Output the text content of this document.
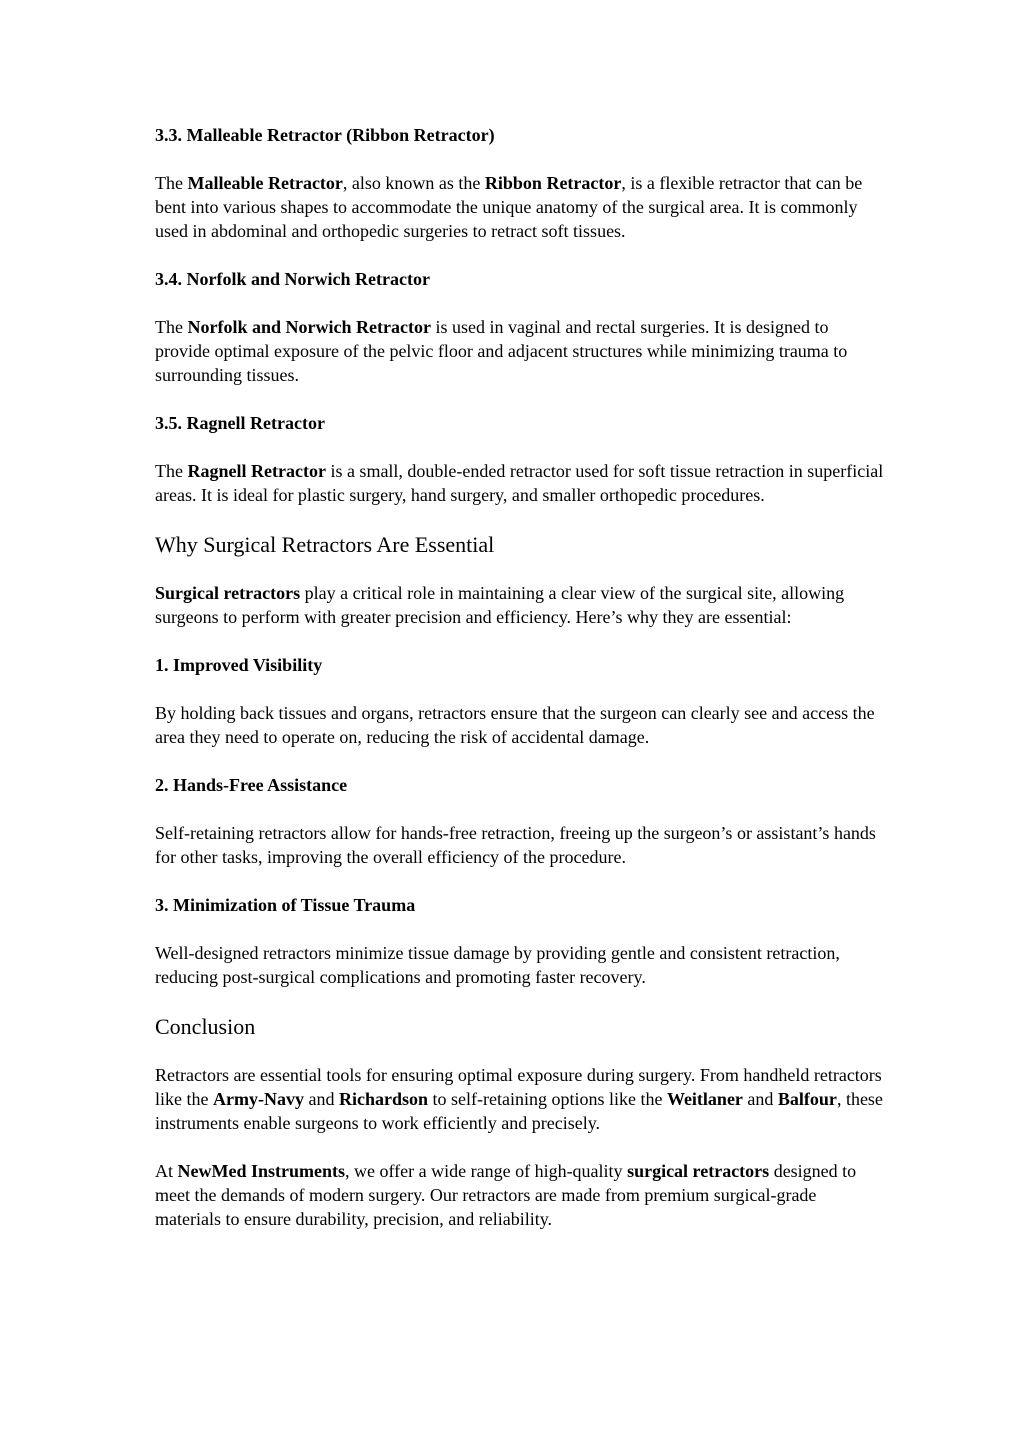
3.3. Malleable Retractor (Ribbon Retractor)

The Malleable Retractor, also known as the Ribbon Retractor, is a flexible retractor that can be bent into various shapes to accommodate the unique anatomy of the surgical area. It is commonly used in abdominal and orthopedic surgeries to retract soft tissues.

3.4. Norfolk and Norwich Retractor

The Norfolk and Norwich Retractor is used in vaginal and rectal surgeries. It is designed to provide optimal exposure of the pelvic floor and adjacent structures while minimizing trauma to surrounding tissues.

3.5. Ragnell Retractor

The Ragnell Retractor is a small, double-ended retractor used for soft tissue retraction in superficial areas. It is ideal for plastic surgery, hand surgery, and smaller orthopedic procedures.

Why Surgical Retractors Are Essential

Surgical retractors play a critical role in maintaining a clear view of the surgical site, allowing surgeons to perform with greater precision and efficiency. Here’s why they are essential:

1. Improved Visibility

By holding back tissues and organs, retractors ensure that the surgeon can clearly see and access the area they need to operate on, reducing the risk of accidental damage.

2. Hands-Free Assistance

Self-retaining retractors allow for hands-free retraction, freeing up the surgeon’s or assistant’s hands for other tasks, improving the overall efficiency of the procedure.

3. Minimization of Tissue Trauma

Well-designed retractors minimize tissue damage by providing gentle and consistent retraction, reducing post-surgical complications and promoting faster recovery.

Conclusion

Retractors are essential tools for ensuring optimal exposure during surgery. From handheld retractors like the Army-Navy and Richardson to self-retaining options like the Weitlaner and Balfour, these instruments enable surgeons to work efficiently and precisely.

At NewMed Instruments, we offer a wide range of high-quality surgical retractors designed to meet the demands of modern surgery. Our retractors are made from premium surgical-grade materials to ensure durability, precision, and reliability.
